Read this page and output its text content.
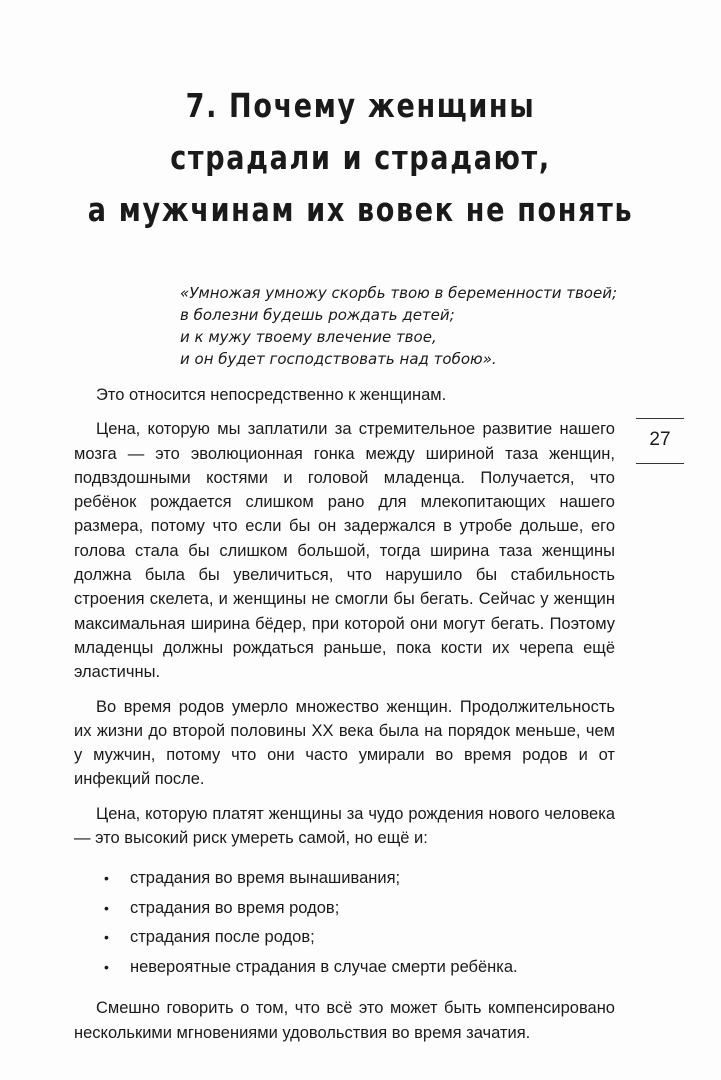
7. Почему женщины
страдали и страдают,
а мужчинам их вовек не понять
«Умножая умножу скорбь твою в беременности твоей;
в болезни будешь рождать детей;
и к мужу твоему влечение твое,
и он будет господствовать над тобою».
27

Это относится непосредственно к женщинам.

Цена, которую мы заплатили за стремительное развитие нашего мозга — это эволюционная гонка между шириной таза женщин, подвздошными костями и головой младенца. Получается, что ребёнок рождается слишком рано для млекопитающих нашего размера, потому что если бы он задержался в утробе дольше, его голова стала бы слишком большой, тогда ширина таза женщины должна была бы увеличиться, что нарушило бы стабильность строения скелета, и женщины не смогли бы бегать. Сейчас у женщин максимальная ширина бёдер, при которой они могут бегать. Поэтому младенцы должны рождаться раньше, пока кости их черепа ещё эластичны.

Во время родов умерло множество женщин. Продолжительность их жизни до второй половины XX века была на порядок меньше, чем у мужчин, потому что они часто умирали во время родов и от инфекций после.

Цена, которую платят женщины за чудо рождения нового человека — это высокий риск умереть самой, но ещё и:

• страдания во время вынашивания;
• страдания во время родов;
• страдания после родов;
• невероятные страдания в случае смерти ребёнка.

Смешно говорить о том, что всё это может быть компенсировано несколькими мгновениями удовольствия во время зачатия.
